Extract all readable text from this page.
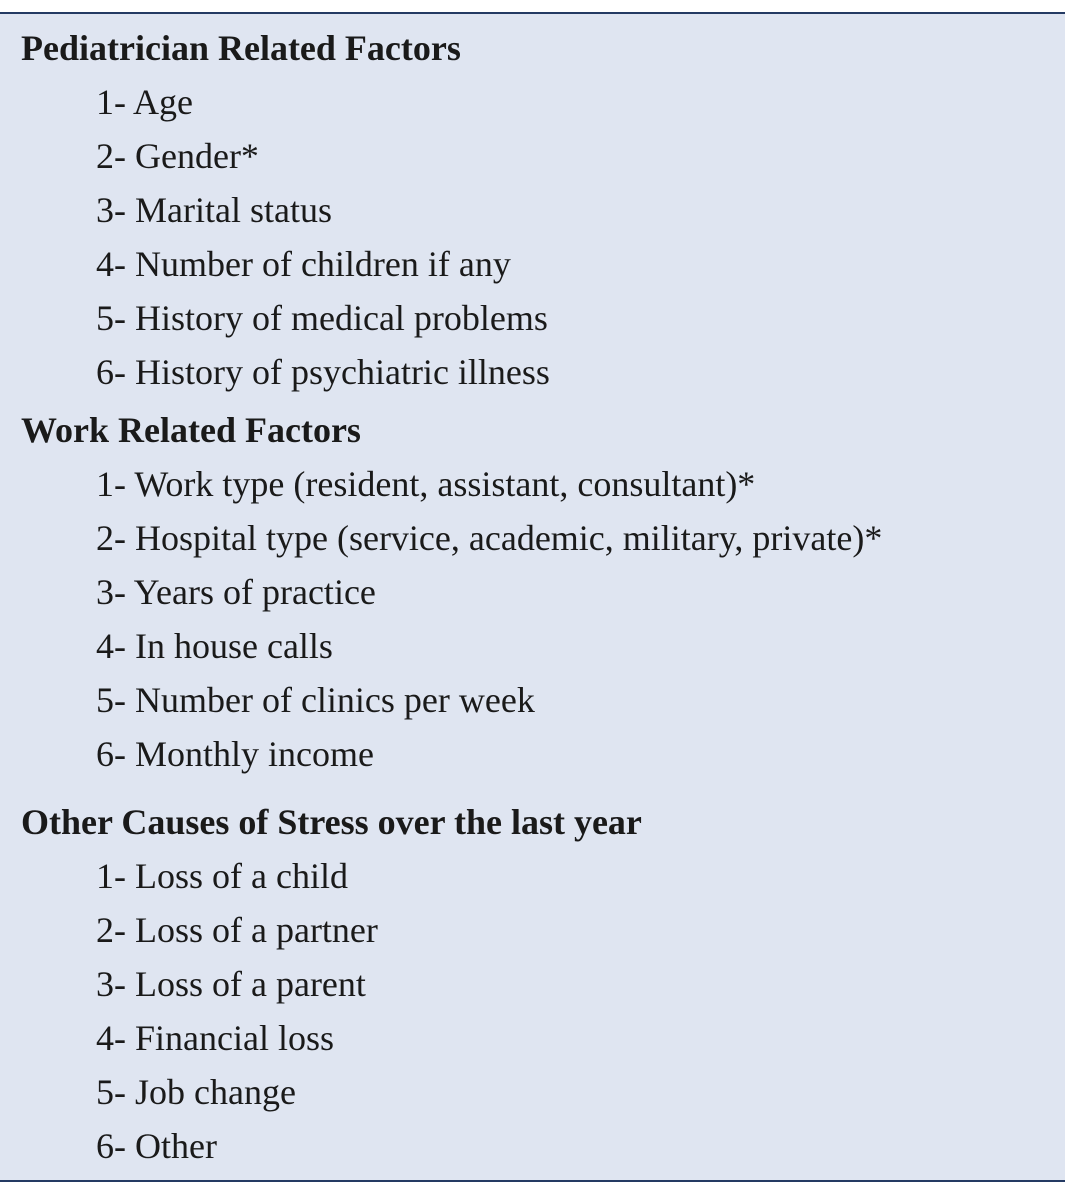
Pediatrician Related Factors
1- Age
2- Gender*
3- Marital status
4- Number of children if any
5- History of medical problems
6- History of psychiatric illness
Work Related Factors
1- Work type (resident, assistant, consultant)*
2- Hospital type (service, academic, military, private)*
3- Years of practice
4- In house calls
5- Number of clinics per week
6- Monthly income
Other Causes of Stress over the last year
1- Loss of a child
2- Loss of a partner
3- Loss of a parent
4- Financial loss
5- Job change
6- Other
